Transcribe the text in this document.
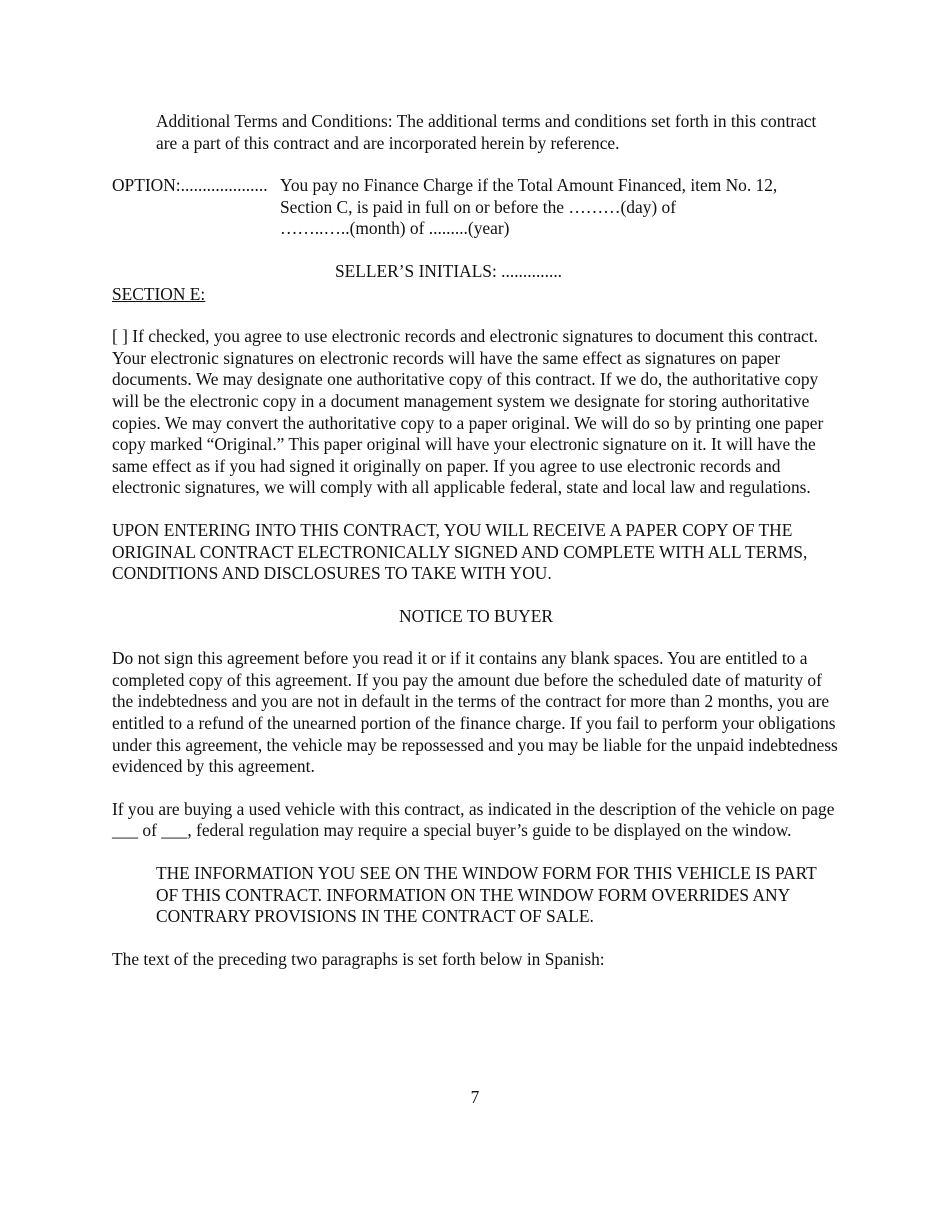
Additional Terms and Conditions: The additional terms and conditions set forth in this contract are a part of this contract and are incorporated herein by reference.

OPTION:.................... You pay no Finance Charge if the Total Amount Financed, item No. 12,
Section C, is paid in full on or before the ………(day) of
……..…..(month) of .........(year)

SELLER’S INITIALS: ..............

SECTION E:

[ ] If checked, you agree to use electronic records and electronic signatures to document this contract. Your electronic signatures on electronic records will have the same effect as signatures on paper documents. We may designate one authoritative copy of this contract. If we do, the authoritative copy will be the electronic copy in a document management system we designate for storing authoritative copies. We may convert the authoritative copy to a paper original. We will do so by printing one paper copy marked “Original.” This paper original will have your electronic signature on it. It will have the same effect as if you had signed it originally on paper. If you agree to use electronic records and electronic signatures, we will comply with all applicable federal, state and local law and regulations.

UPON ENTERING INTO THIS CONTRACT, YOU WILL RECEIVE A PAPER COPY OF THE ORIGINAL CONTRACT ELECTRONICALLY SIGNED AND COMPLETE WITH ALL TERMS, CONDITIONS AND DISCLOSURES TO TAKE WITH YOU.

NOTICE TO BUYER

Do not sign this agreement before you read it or if it contains any blank spaces. You are entitled to a completed copy of this agreement. If you pay the amount due before the scheduled date of maturity of the indebtedness and you are not in default in the terms of the contract for more than 2 months, you are entitled to a refund of the unearned portion of the finance charge. If you fail to perform your obligations under this agreement, the vehicle may be repossessed and you may be liable for the unpaid indebtedness evidenced by this agreement.

If you are buying a used vehicle with this contract, as indicated in the description of the vehicle on page ___ of ___, federal regulation may require a special buyer’s guide to be displayed on the window.

THE INFORMATION YOU SEE ON THE WINDOW FORM FOR THIS VEHICLE IS PART OF THIS CONTRACT. INFORMATION ON THE WINDOW FORM OVERRIDES ANY CONTRARY PROVISIONS IN THE CONTRACT OF SALE.

The text of the preceding two paragraphs is set forth below in Spanish:

7
